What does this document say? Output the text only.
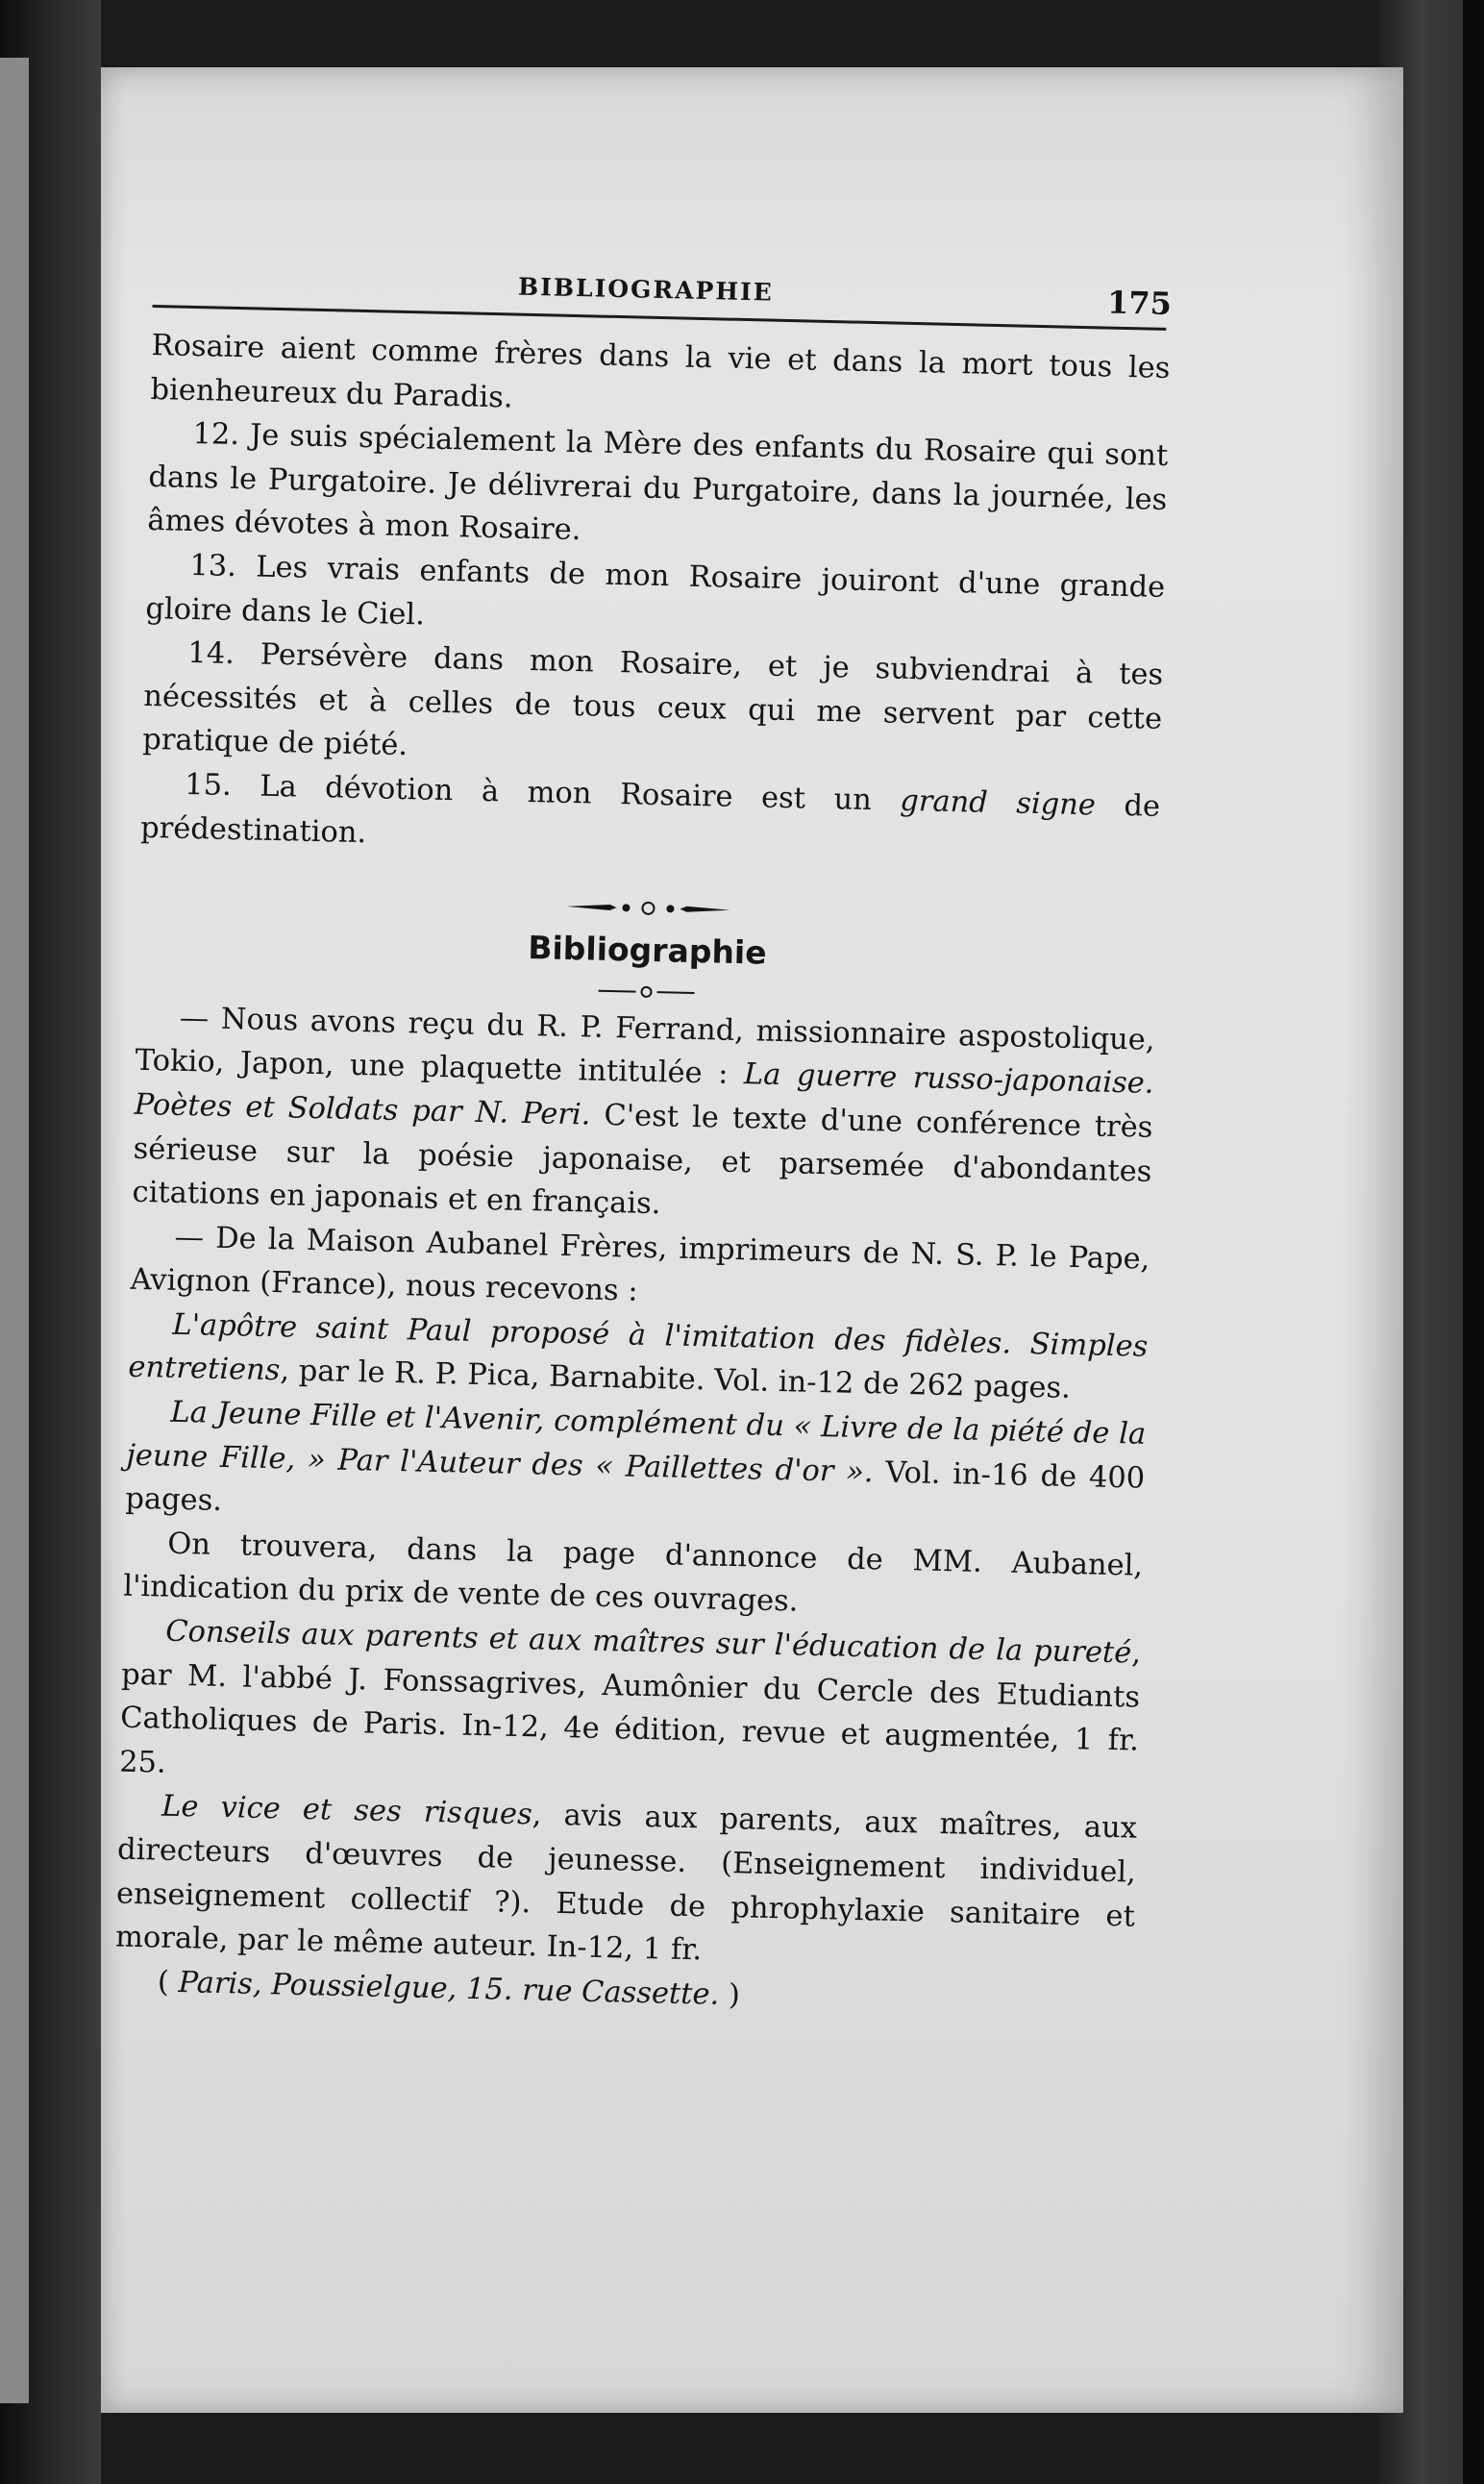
BIBLIOGRAPHIE	175

Rosaire aient comme frères dans la vie et dans la mort tous les bienheureux du Paradis.

12. Je suis spécialement la Mère des enfants du Rosaire qui sont dans le Purgatoire. Je délivrerai du Purgatoire, dans la journée, les âmes dévotes à mon Rosaire.

13. Les vrais enfants de mon Rosaire jouiront d'une grande gloire dans le Ciel.

14. Persévère dans mon Rosaire, et je subviendrai à tes nécessités et à celles de tous ceux qui me servent par cette pratique de piété.

15. La dévotion à mon Rosaire est un grand signe de prédestination.

Bibliographie

— Nous avons reçu du R. P. Ferrand, missionnaire aspostolique, Tokio, Japon, une plaquette intitulée : La guerre russo-japonaise. Poètes et Soldats par N. Peri. C'est le texte d'une conférence très sérieuse sur la poésie japonaise, et parsemée d'abondantes citations en japonais et en français.

— De la Maison Aubanel Frères, imprimeurs de N. S. P. le Pape, Avignon (France), nous recevons :

L'apôtre saint Paul proposé à l'imitation des fidèles. Simples entretiens, par le R. P. Pica, Barnabite. Vol. in-12 de 262 pages.

La Jeune Fille et l'Avenir, complément du « Livre de la piété de la jeune Fille, » Par l'Auteur des « Paillettes d'or ». Vol. in-16 de 400 pages.

On trouvera, dans la page d'annonce de MM. Aubanel, l'indication du prix de vente de ces ouvrages.

Conseils aux parents et aux maîtres sur l'éducation de la pureté, par M. l'abbé J. Fonssagrives, Aumônier du Cercle des Etudiants Catholiques de Paris. In-12, 4e édition, revue et augmentée, 1 fr. 25.

Le vice et ses risques, avis aux parents, aux maîtres, aux directeurs d'œuvres de jeunesse. (Enseignement individuel, enseignement collectif ?). Etude de phrophylaxie sanitaire et morale, par le même auteur. In-12, 1 fr.

( Paris, Poussielgue, 15. rue Cassette. )
